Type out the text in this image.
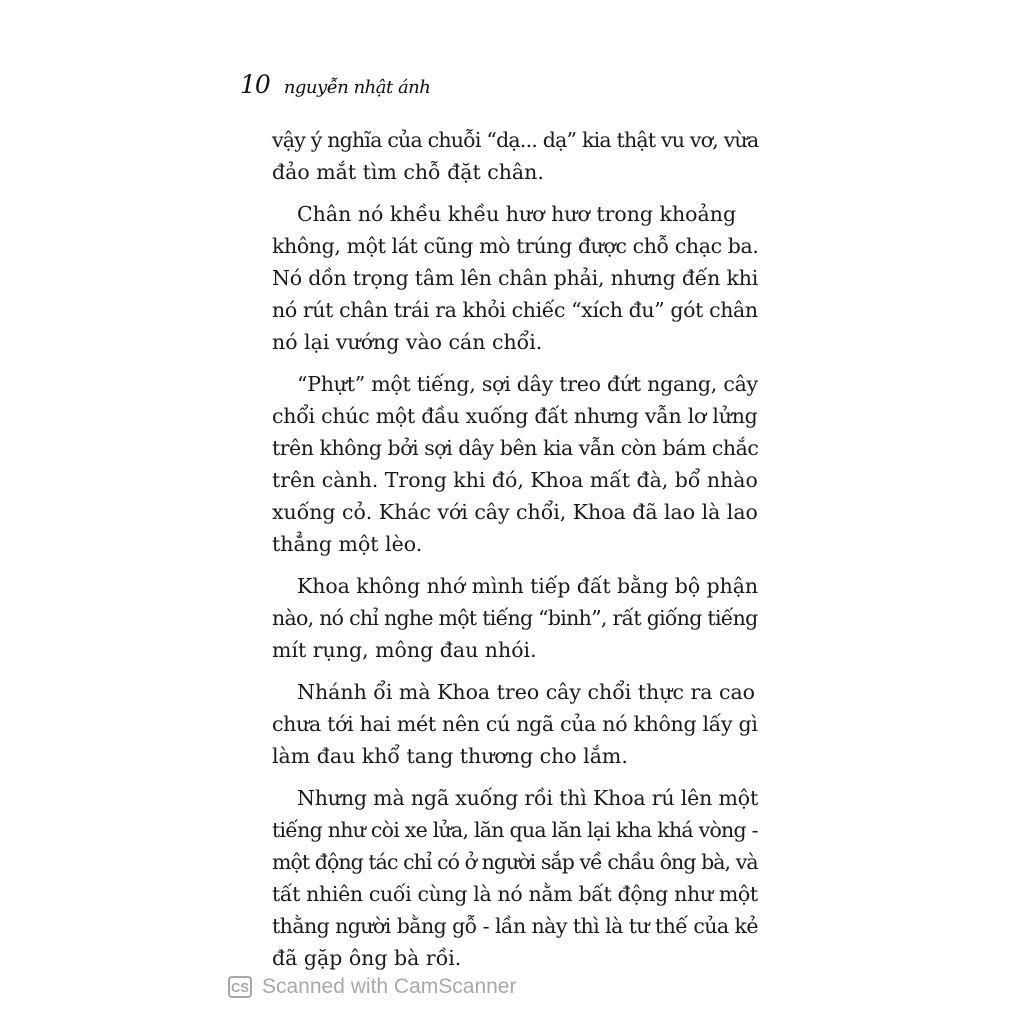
10 nguyễn nhật ánh

vậy ý nghĩa của chuỗi “dạ... dạ” kia thật vu vơ, vừa
đảo mắt tìm chỗ đặt chân.

Chân nó khều khều hươ hươ trong khoảng
không, một lát cũng mò trúng được chỗ chạc ba.
Nó dồn trọng tâm lên chân phải, nhưng đến khi
nó rút chân trái ra khỏi chiếc “xích đu” gót chân
nó lại vướng vào cán chổi.

“Phựt” một tiếng, sợi dây treo đứt ngang, cây
chổi chúc một đầu xuống đất nhưng vẫn lơ lửng
trên không bởi sợi dây bên kia vẫn còn bám chắc
trên cành. Trong khi đó, Khoa mất đà, bổ nhào
xuống cỏ. Khác với cây chổi, Khoa đã lao là lao
thẳng một lèo.

Khoa không nhớ mình tiếp đất bằng bộ phận
nào, nó chỉ nghe một tiếng “binh”, rất giống tiếng
mít rụng, mông đau nhói.

Nhánh ổi mà Khoa treo cây chổi thực ra cao
chưa tới hai mét nên cú ngã của nó không lấy gì
làm đau khổ tang thương cho lắm.

Nhưng mà ngã xuống rồi thì Khoa rú lên một
tiếng như còi xe lửa, lăn qua lăn lại kha khá vòng -
một động tác chỉ có ở người sắp về chầu ông bà, và
tất nhiên cuối cùng là nó nằm bất động như một
thằng người bằng gỗ - lần này thì là tư thế của kẻ
đã gặp ông bà rồi.

CS Scanned with CamScanner
